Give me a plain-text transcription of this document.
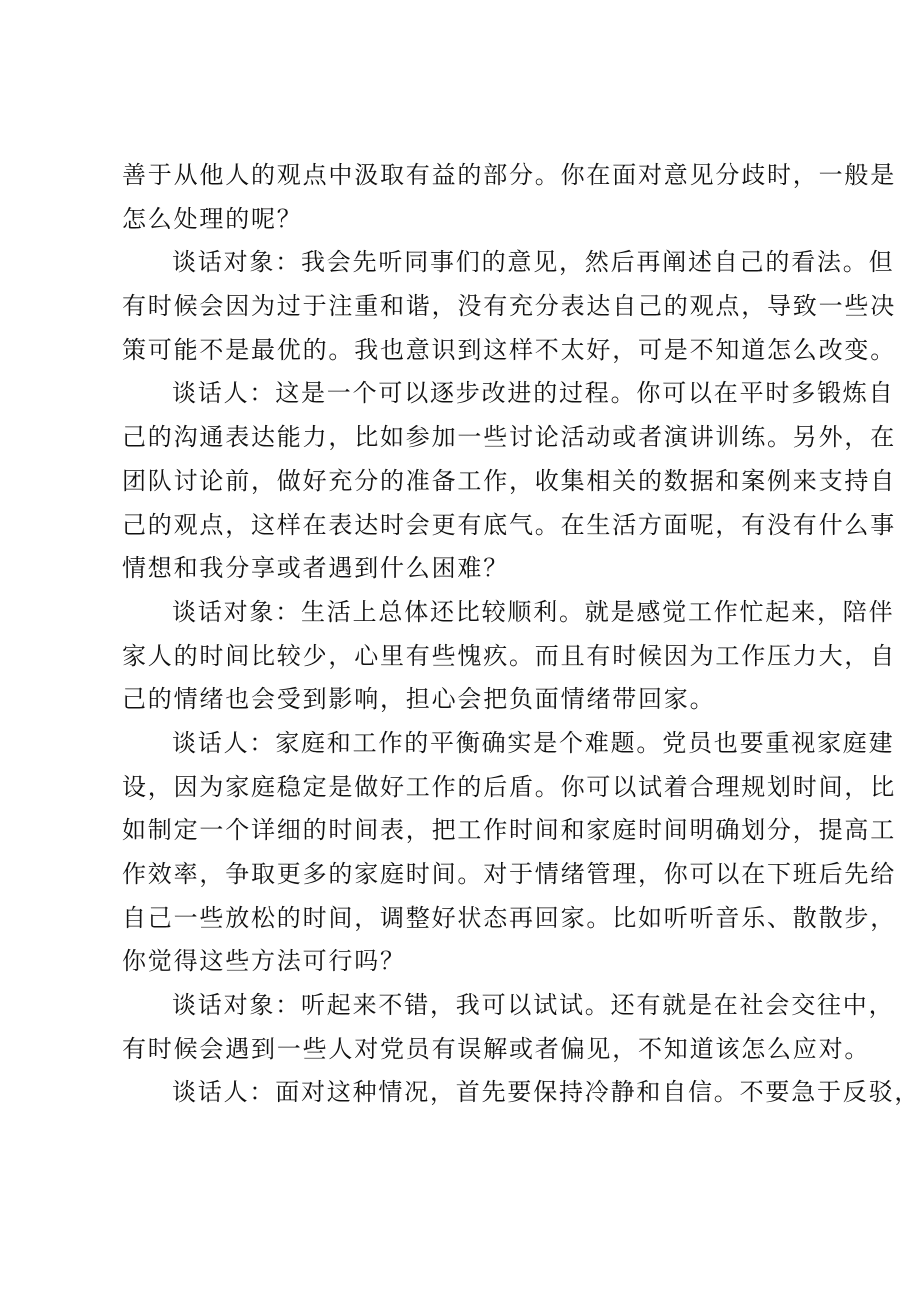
善于从他人的观点中汲取有益的部分。你在面对意见分歧时，一般是
怎么处理的呢？
谈话对象：我会先听同事们的意见，然后再阐述自己的看法。但
有时候会因为过于注重和谐，没有充分表达自己的观点，导致一些决
策可能不是最优的。我也意识到这样不太好，可是不知道怎么改变。
谈话人：这是一个可以逐步改进的过程。你可以在平时多锻炼自
己的沟通表达能力，比如参加一些讨论活动或者演讲训练。另外，在
团队讨论前，做好充分的准备工作，收集相关的数据和案例来支持自
己的观点，这样在表达时会更有底气。在生活方面呢，有没有什么事
情想和我分享或者遇到什么困难？
谈话对象：生活上总体还比较顺利。就是感觉工作忙起来，陪伴
家人的时间比较少，心里有些愧疚。而且有时候因为工作压力大，自
己的情绪也会受到影响，担心会把负面情绪带回家。
谈话人：家庭和工作的平衡确实是个难题。党员也要重视家庭建
设，因为家庭稳定是做好工作的后盾。你可以试着合理规划时间，比
如制定一个详细的时间表，把工作时间和家庭时间明确划分，提高工
作效率，争取更多的家庭时间。对于情绪管理，你可以在下班后先给
自己一些放松的时间，调整好状态再回家。比如听听音乐、散散步，
你觉得这些方法可行吗？
谈话对象：听起来不错，我可以试试。还有就是在社会交往中，
有时候会遇到一些人对党员有误解或者偏见，不知道该怎么应对。
谈话人：面对这种情况，首先要保持冷静和自信。不要急于反驳，
